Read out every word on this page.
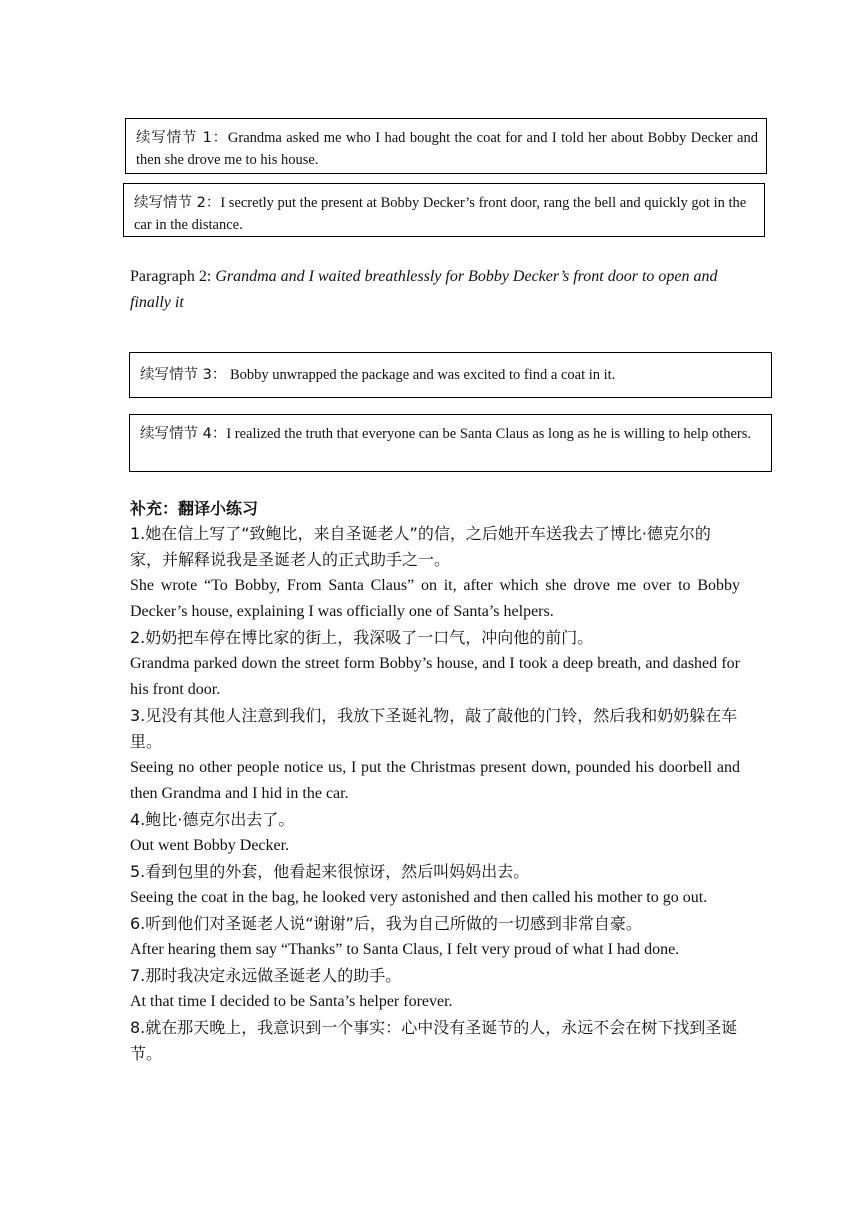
续写情节 1：Grandma asked me who I had bought the coat for and I told her about Bobby Decker and then she drove me to his house.
续写情节 2：I secretly put the present at Bobby Decker’s front door, rang the bell and quickly got in the car in the distance.
Paragraph 2: Grandma and I waited breathlessly for Bobby Decker’s front door to open and finally it
续写情节 3： Bobby unwrapped the package and was excited to find a coat in it.
续写情节 4：I realized the truth that everyone can be Santa Claus as long as he is willing to help others.
补充：翻译小练习
1.她在信上写了“致鲍比，来自圣诞老人”的信，之后她开车送我去了博比·德克尔的家，并解释说我是圣诞老人的正式助手之一。
She wrote “To Bobby, From Santa Claus” on it, after which she drove me over to Bobby Decker’s house, explaining I was officially one of Santa’s helpers.
2.奶奶把车停在博比家的街上，我深吸了一口气，冲向他的前门。
Grandma parked down the street form Bobby’s house, and I took a deep breath, and dashed for his front door.
3.见没有其他人注意到我们，我放下圣诞礼物，敲了敲他的门铃，然后我和奶奶躲在车里。
Seeing no other people notice us, I put the Christmas present down, pounded his doorbell and then Grandma and I hid in the car.
4.鲍比·德克尔出去了。
Out went Bobby Decker.
5.看到包里的外套，他看起来很惊讶，然后叫妈妈出去。
Seeing the coat in the bag, he looked very astonished and then called his mother to go out.
6.听到他们对圣诞老人说“谢谢”后，我为自己所做的一切感到非常自豪。
After hearing them say “Thanks” to Santa Claus, I felt very proud of what I had done.
7.那时我决定永远做圣诞老人的助手。
At that time I decided to be Santa’s helper forever.
8.就在那天晚上，我意识到一个事实：心中没有圣诞节的人，永远不会在树下找到圣诞节。
